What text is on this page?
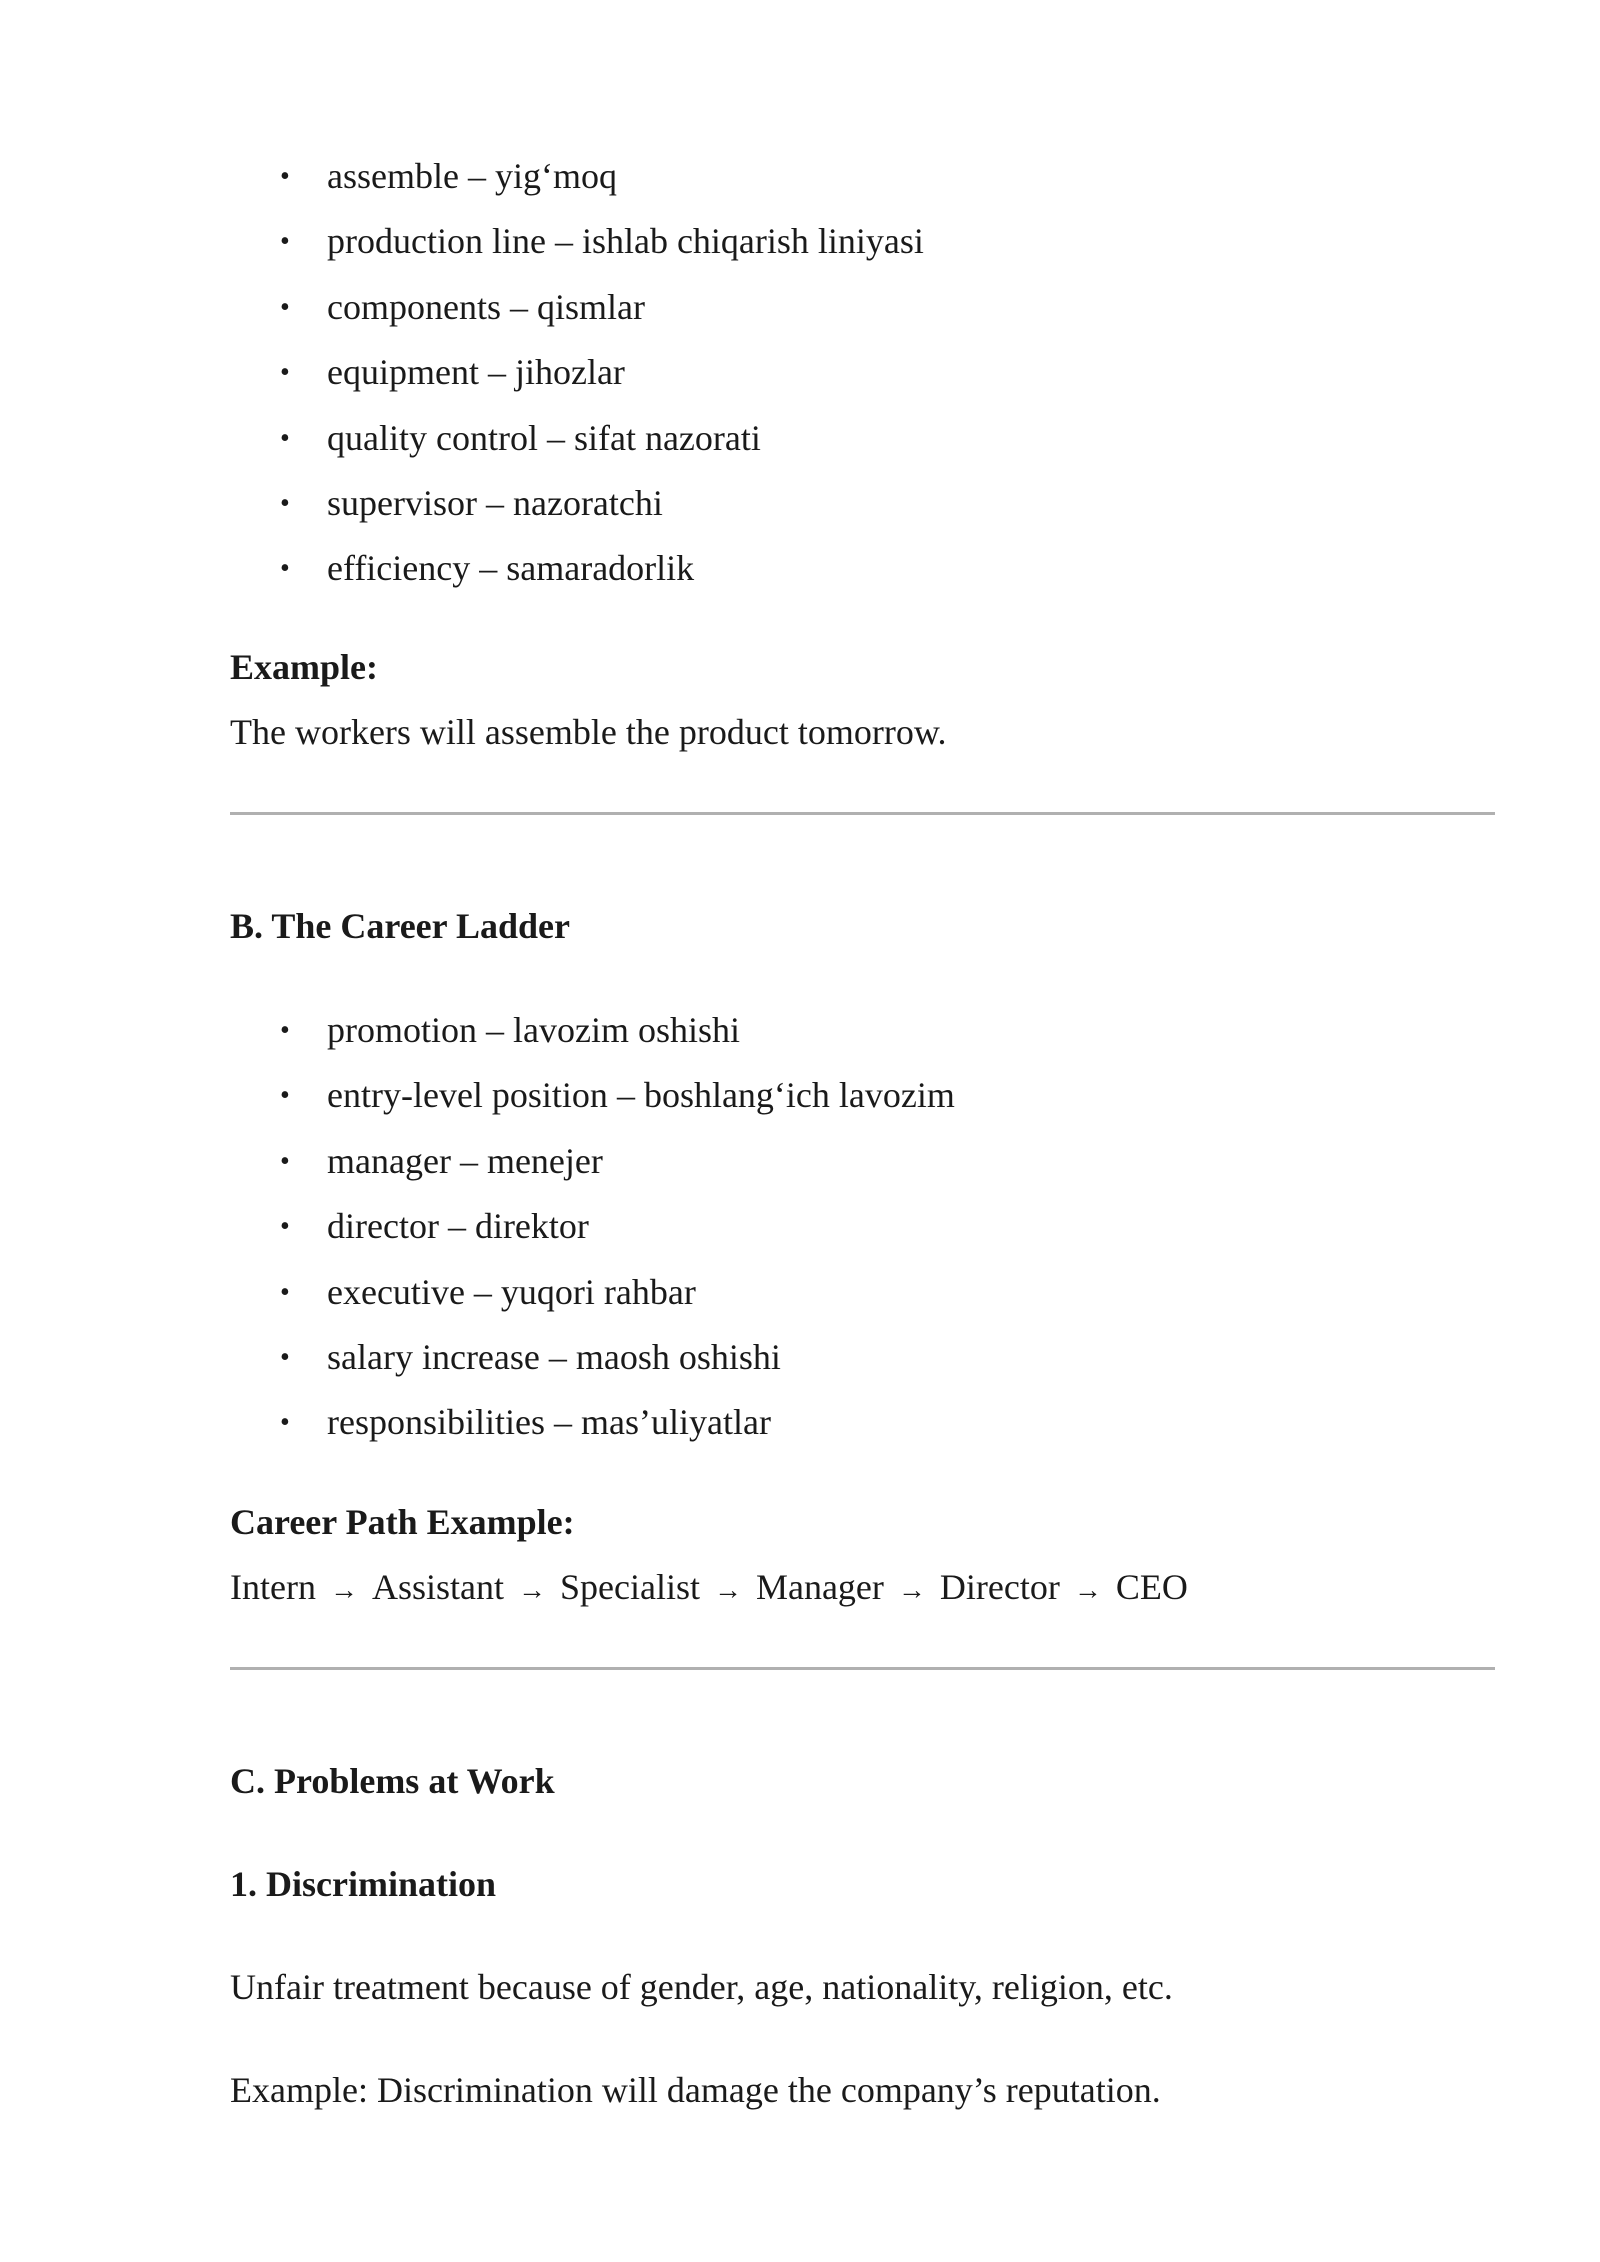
• assemble – yig‘moq
• production line – ishlab chiqarish liniyasi
• components – qismlar
• equipment – jihozlar
• quality control – sifat nazorati
• supervisor – nazoratchi
• efficiency – samaradorlik

Example:

The workers will assemble the product tomorrow.

B. The Career Ladder

• promotion – lavozim oshishi
• entry-level position – boshlang‘ich lavozim
• manager – menejer
• director – direktor
• executive – yuqori rahbar
• salary increase – maosh oshishi
• responsibilities – mas’uliyatlar

Career Path Example:

Intern → Assistant → Specialist → Manager → Director → CEO

C. Problems at Work

1. Discrimination

Unfair treatment because of gender, age, nationality, religion, etc.

Example: Discrimination will damage the company’s reputation.
